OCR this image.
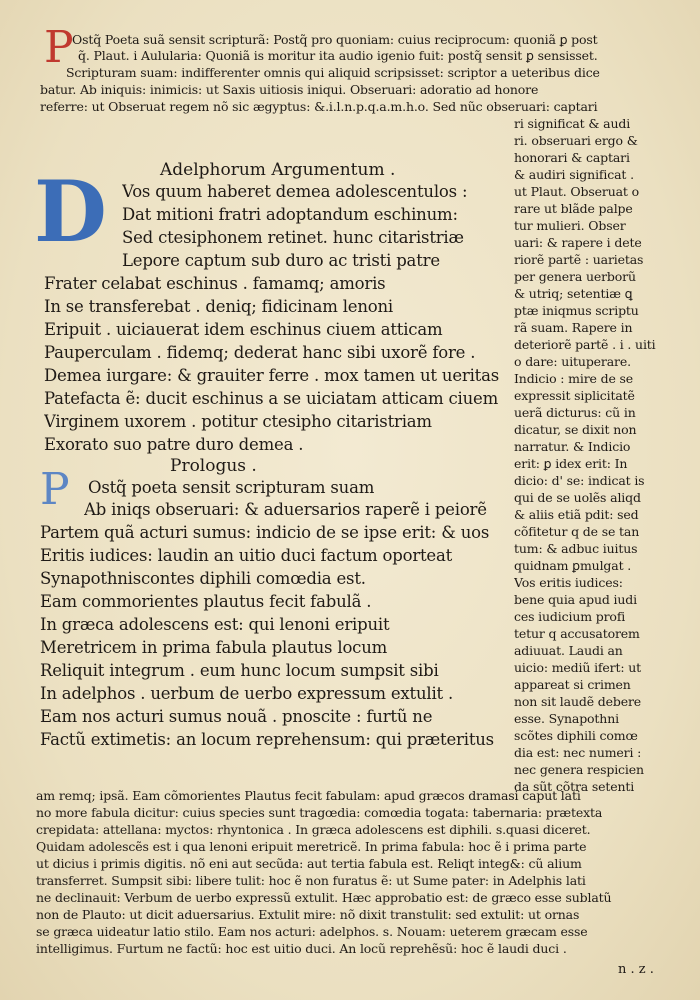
P
Ostq̃ Poeta suã sensit scripturã: Postq̃ pro quoniam: cuius reciprocum: quoniã ꝑ post
q̃. Plaut. i Aulularia: Quoniã is moritur ita audio igenio fuit: postq̃ sensit ꝑ sensisset.
Scripturam suam: indifferenter omnis qui aliquid scripsisset: scriptor a ueteribus dice
batur. Ab iniquis: inimicis: ut Saxis uitiosis iniqui. Obseruari: adoratio ad honore
referre: ut Obseruat regem nõ sic ægyptus: &.i.l.n.p.q.a.m.h.o. Sed nũc obseruari: captari
ri significat & audi
ri. obseruari ergo &
honorari & captari
& audiri significat .
ut Plaut. Obseruat o
rare ut blãde palpe
tur mulieri. Obser
uari: & rapere i dete
riorẽ partẽ : uarietas
per genera uerborũ
& utriq; setentiæ ꝗ
ptæ iniqmus scriptu
rã suam. Rapere in
deteriorẽ partẽ . i . uiti
o dare: uituperare.
Indicio : mire de se
expressit siplicitatẽ
uerã dicturus: cũ in
dicatur, se dixit non
narratur. & Indicio
erit: ꝑ idex erit: In
dicio: d' se: indicat is
qui de se uolẽs aliqd
& aliis etiã pdit: sed
cõfitetur q de se tan
tum: & adbuc iuitus
quidnam ꝑmulgat .
Vos eritis iudices:
bene quia apud iudi
ces iudicium profi
tetur q accusatorem
adiuuat. Laudi an
uicio: mediũ ifert: ut
appareat si crimen
non sit laudẽ debere
esse. Synapothni
scõtes diphili comœ
dia est: nec numeri :
nec genera respicien
da sũt cõtra setenti
Adelphorum Argumentum .
D Vos quum haberet demea adolescentulos :
Dat mitioni fratri adoptandum eschinum:
Sed ctesiphonem retinet. hunc citaristriæ
Lepore captum sub duro ac tristi patre
Frater celabat eschinus . famamq; amoris
In se transferebat . deniq; fidicinam lenoni
Eripuit . uiciauerat idem eschinus ciuem atticam
Pauperculam . fidemq; dederat hanc sibi uxorẽ fore .
Demea iurgare: & grauiter ferre . mox tamen ut ueritas
Patefacta ẽ: ducit eschinus a se uiciatam atticam ciuem
Virginem uxorem . potitur ctesipho citaristriam
Exorato suo patre duro demea .
Prologus .
P Ostq̃ poeta sensit scripturam suam
Ab iniqs obseruari: & aduersarios raperẽ i peiorẽ
Partem quã acturi sumus: indicio de se ipse erit: & uos
Eritis iudices: laudin an uitio duci factum oporteat
Synapothniscontes diphili comœdia est.
Eam commorientes plautus fecit fabulã .
In græca adolescens est: qui lenoni eripuit
Meretricem in prima fabula plautus locum
Reliquit integrum . eum hunc locum sumpsit sibi
In adelphos . uerbum de uerbo expressum extulit .
Eam nos acturi sumus nouã . pnoscite : furtũ ne
Factũ extimetis: an locum reprehensum: qui præteritus
am remq; ipsã. Eam cõmorientes Plautus fecit fabulam: apud græcos dramasi caput lati
no more fabula dicitur: cuius species sunt tragœdia: comœdia togata: tabernaria: prætexta
crepidata: attellana: myctos: rhyntonica . In græca adolescens est diphili. s.quasi diceret.
Quidam adolescẽs est i qua lenoni eripuit meretricẽ. In prima fabula: hoc ẽ i prima parte
ut dicius i primis digitis. nõ eni aut secũda: aut tertia fabula est. Reliqt integ&: cũ alium
transferret. Sumpsit sibi: libere tulit: hoc ẽ non furatus ẽ: ut Sume pater: in Adelphis lati
ne declinauit: Verbum de uerbo expressũ extulit. Hæc approbatio est: de græco esse sublatũ
non de Plauto: ut dicit aduersarius. Extulit mire: nõ dixit transtulit: sed extulit: ut ornas
se græca uideatur latio stilo. Eam nos acturi: adelphos. s. Nouam: ueterem græcam esse
intelligimus. Furtum ne factũ: hoc est uitio duci. An locũ reprehẽsũ: hoc ẽ laudi duci .
n . z .
